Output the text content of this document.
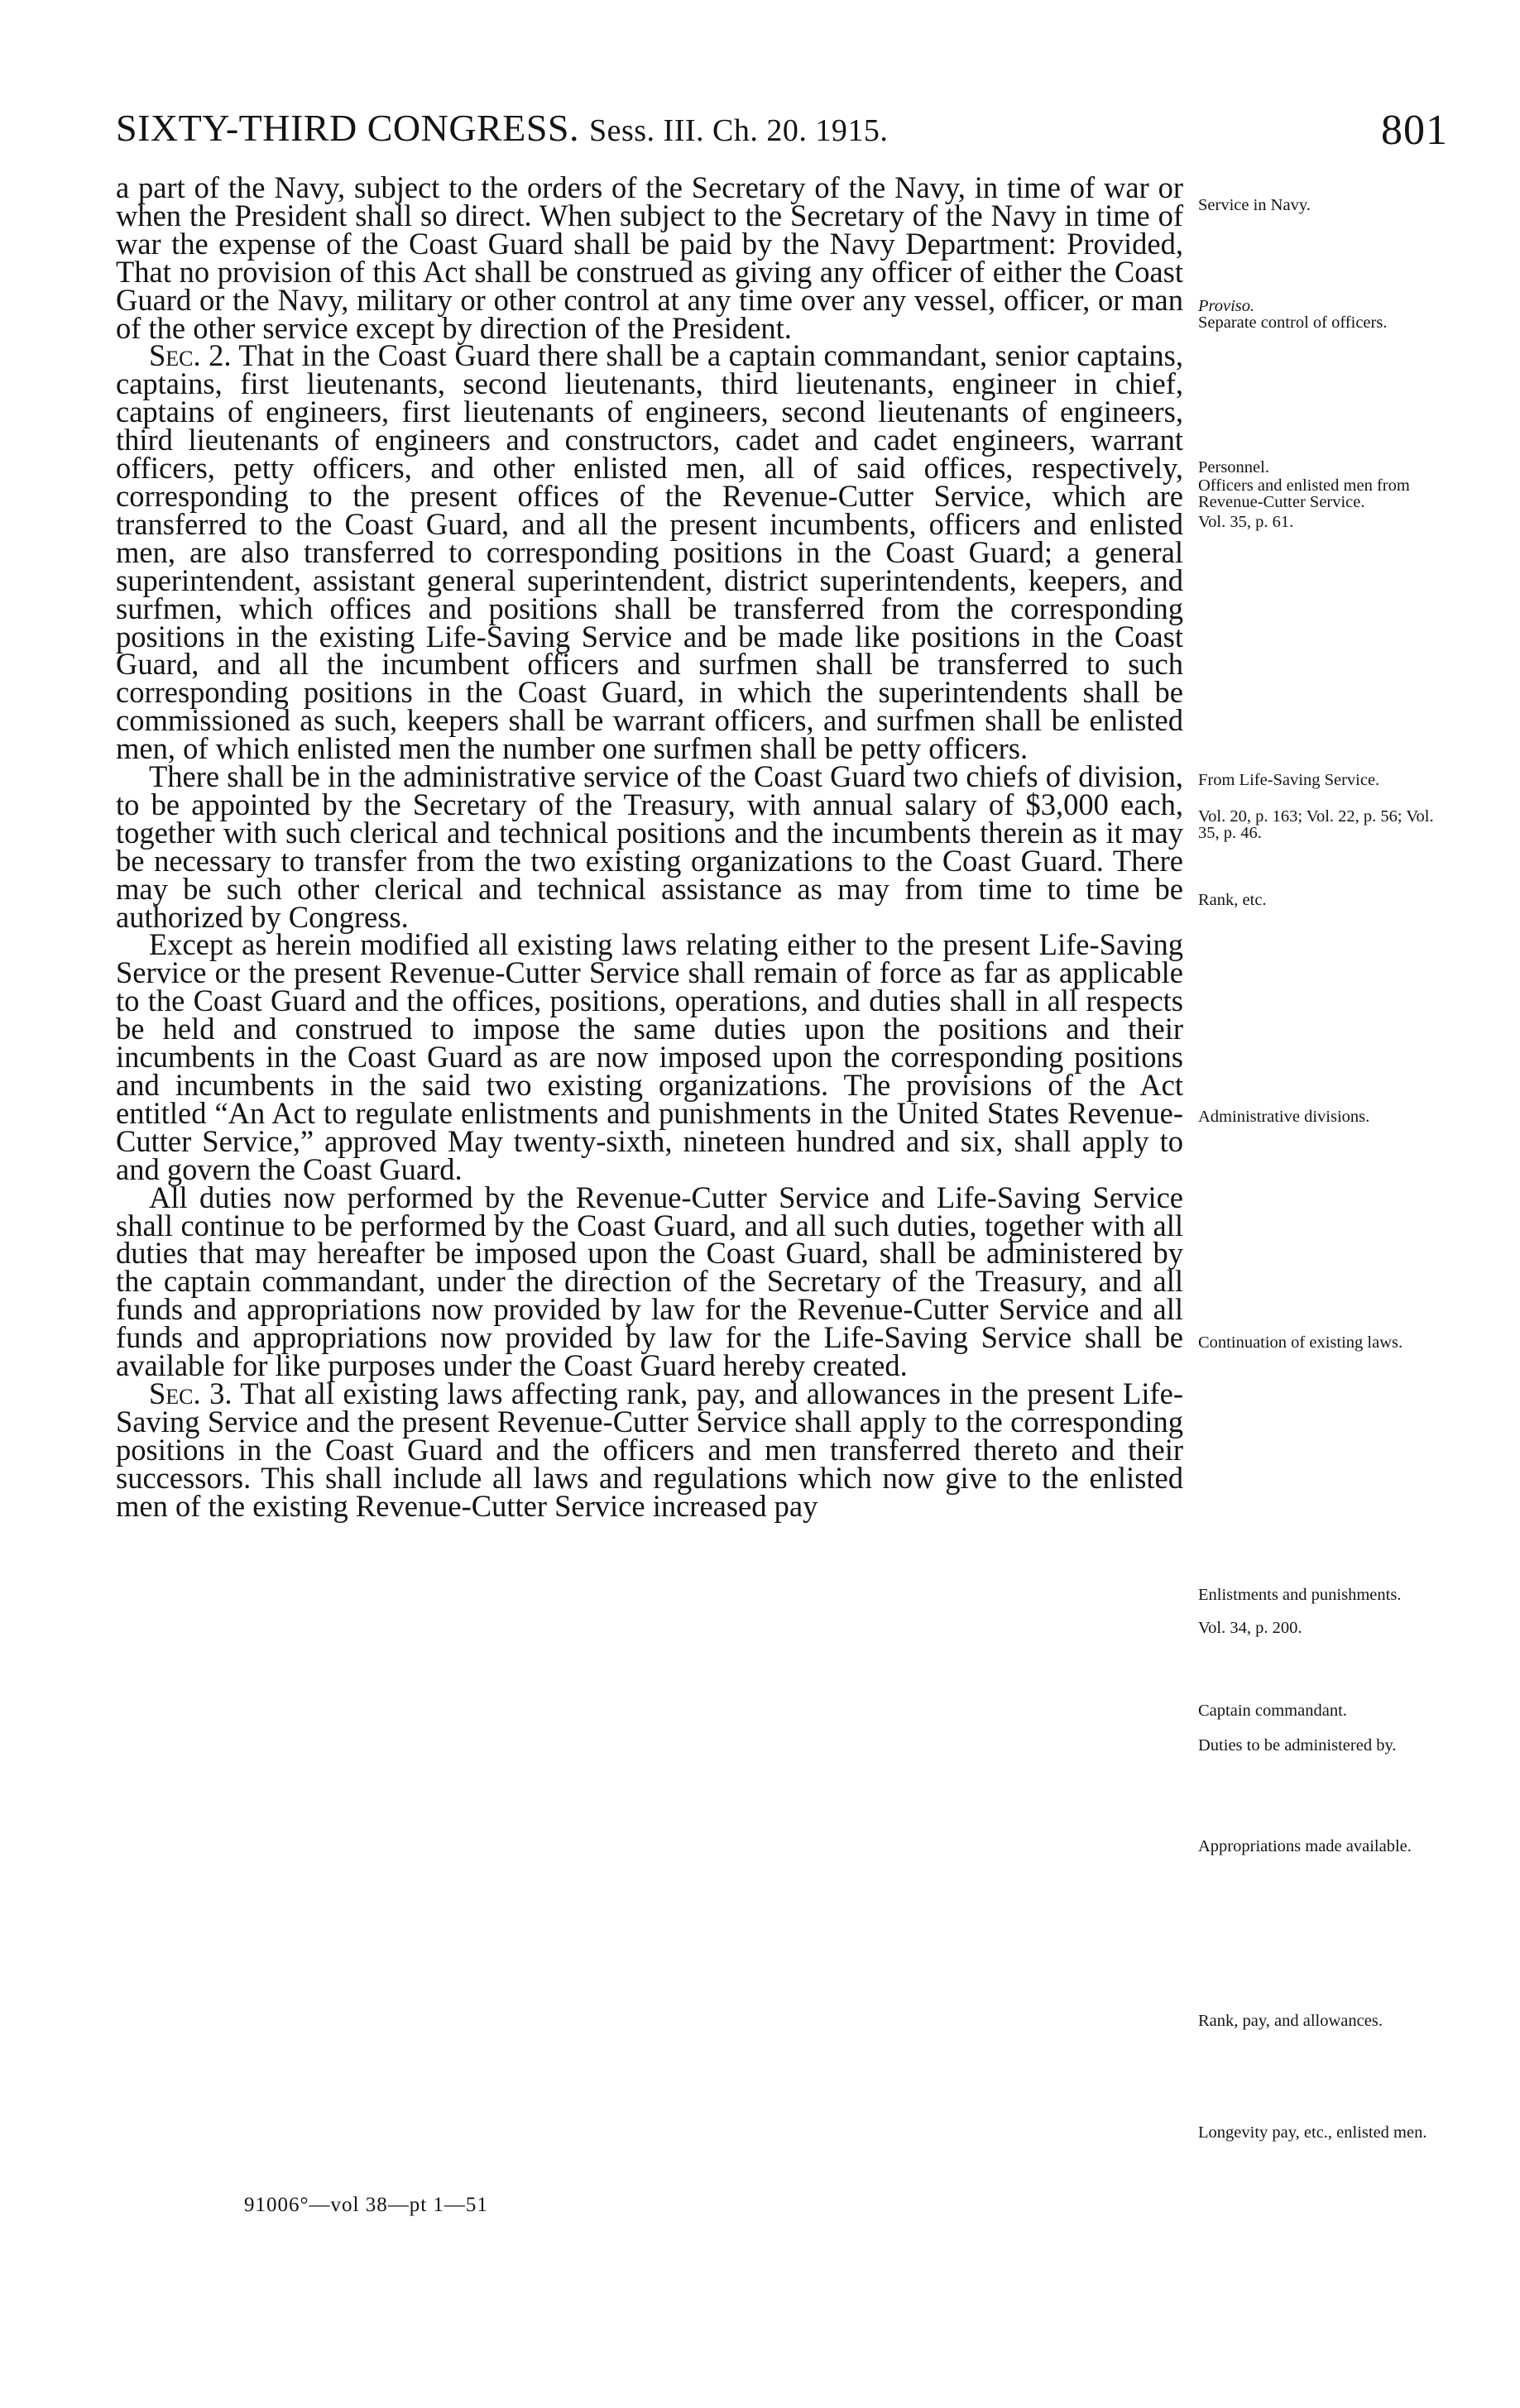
SIXTY-THIRD CONGRESS. Sess. III. Ch. 20. 1915.	801

a part of the Navy, subject to the orders of the Secretary of the Navy, in time of war or when the President shall so direct. When subject to the Secretary of the Navy in time of war the expense of the Coast Guard shall be paid by the Navy Department: Provided, That no provision of this Act shall be construed as giving any officer of either the Coast Guard or the Navy, military or other control at any time over any vessel, officer, or man of the other service except by direction of the President.

Sec. 2. That in the Coast Guard there shall be a captain commandant, senior captains, captains, first lieutenants, second lieutenants, third lieutenants, engineer in chief, captains of engineers, first lieutenants of engineers, second lieutenants of engineers, third lieutenants of engineers and constructors, cadet and cadet engineers, warrant officers, petty officers, and other enlisted men, all of said offices, respectively, corresponding to the present offices of the Revenue-Cutter Service, which are transferred to the Coast Guard, and all the present incumbents, officers and enlisted men, are also transferred to corresponding positions in the Coast Guard; a general superintendent, assistant general superintendent, district superintendents, keepers, and surfmen, which offices and positions shall be transferred from the corresponding positions in the existing Life-Saving Service and be made like positions in the Coast Guard, and all the incumbent officers and surfmen shall be transferred to such corresponding positions in the Coast Guard, in which the superintendents shall be commissioned as such, keepers shall be warrant officers, and surfmen shall be enlisted men, of which enlisted men the number one surfmen shall be petty officers.

There shall be in the administrative service of the Coast Guard two chiefs of division, to be appointed by the Secretary of the Treasury, with annual salary of $3,000 each, together with such clerical and technical positions and the incumbents therein as it may be necessary to transfer from the two existing organizations to the Coast Guard. There may be such other clerical and technical assistance as may from time to time be authorized by Congress.

Except as herein modified all existing laws relating either to the present Life-Saving Service or the present Revenue-Cutter Service shall remain of force as far as applicable to the Coast Guard and the offices, positions, operations, and duties shall in all respects be held and construed to impose the same duties upon the positions and their incumbents in the Coast Guard as are now imposed upon the corresponding positions and incumbents in the said two existing organizations. The provisions of the Act entitled “An Act to regulate enlistments and punishments in the United States Revenue-Cutter Service,” approved May twenty-sixth, nineteen hundred and six, shall apply to and govern the Coast Guard.

All duties now performed by the Revenue-Cutter Service and Life-Saving Service shall continue to be performed by the Coast Guard, and all such duties, together with all duties that may hereafter be imposed upon the Coast Guard, shall be administered by the captain commandant, under the direction of the Secretary of the Treasury, and all funds and appropriations now provided by law for the Revenue-Cutter Service and all funds and appropriations now provided by law for the Life-Saving Service shall be available for like purposes under the Coast Guard hereby created.

Sec. 3. That all existing laws affecting rank, pay, and allowances in the present Life-Saving Service and the present Revenue-Cutter Service shall apply to the corresponding positions in the Coast Guard and the officers and men transferred thereto and their successors. This shall include all laws and regulations which now give to the enlisted men of the existing Revenue-Cutter Service increased pay

Service in Navy.
Proviso.
Separate control of officers.
Personnel.
Officers and enlisted men from Revenue-Cutter Service.
Vol. 35, p. 61.
From Life-Saving Service.
Vol. 20, p. 163; Vol. 22, p. 56; Vol. 35, p. 46.
Rank, etc.
Administrative divisions.
Continuation of existing laws.
Enlistments and punishments.
Vol. 34, p. 200.
Captain commandant.
Duties to be administered by.
Appropriations made available.
Rank, pay, and allowances.
Longevity pay, etc., enlisted men.
91006°—vol 38—pt 1—51
